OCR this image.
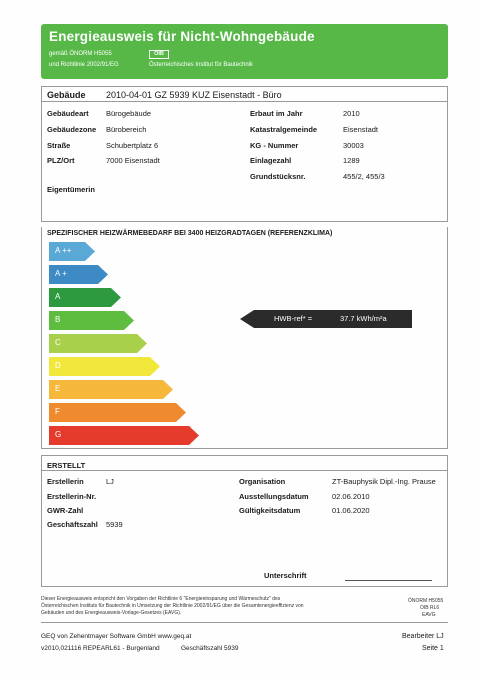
Energieausweis für Nicht-Wohngebäude
gemäß ÖNORM H5055
und Richtlinie 2002/91/EG
OIB
Österreichisches Institut für Bautechnik
Gebäude 2010-04-01 GZ 5939 KUZ Eisenstadt - Büro
Gebäudeart Bürogebäude
Gebäudezone Bürobereich
Straße	Schubertplatz 6
PLZ/Ort	7000 Eisenstadt
Erbaut im Jahr	2010
Katastralgemeinde	Eisenstadt
KG - Nummer	30003
Einlagezahl	1289
Grundstücksnr.	455/2, 455/3
Eigentümerin
SPEZIFISCHER HEIZWÄRMEBEDARF BEI 3400 HEIZGRADTAGEN (REFERENZKLIMA)
A ++
A +
A
B
C
D
E
F
G
HWB-ref* =	37.7 kWh/m²a
ERSTELLT
Erstellerin	LJ
Erstellerin-Nr.
GWR-Zahl
Geschäftszahl 5939
Organisation	ZT-Bauphysik Dipl.-Ing. Prause
Ausstellungsdatum	02.06.2010
Gültigkeitsdatum	01.06.2020
Unterschrift
Dieser Energieausweis entspricht den Vorgaben der Richtlinie 6 "Energieeinsparung und Wärmeschutz" des
Österreichischen Instituts für Bautechnik in Umsetzung der Richtlinie 2002/91/EG über die Gesamtenergieeffizienz von
Gebäuden und des Energieausweis-Vorlage-Gesetzes (EAVG).
ÖNORM H5055
OIB RL6
EAVG
GEQ von Zehentmayer Software GmbH www.geq.at
v2010,021116 REPEARL61 - Burgenland	Geschäftszahl 5939
Bearbeiter LJ
Seite 1
